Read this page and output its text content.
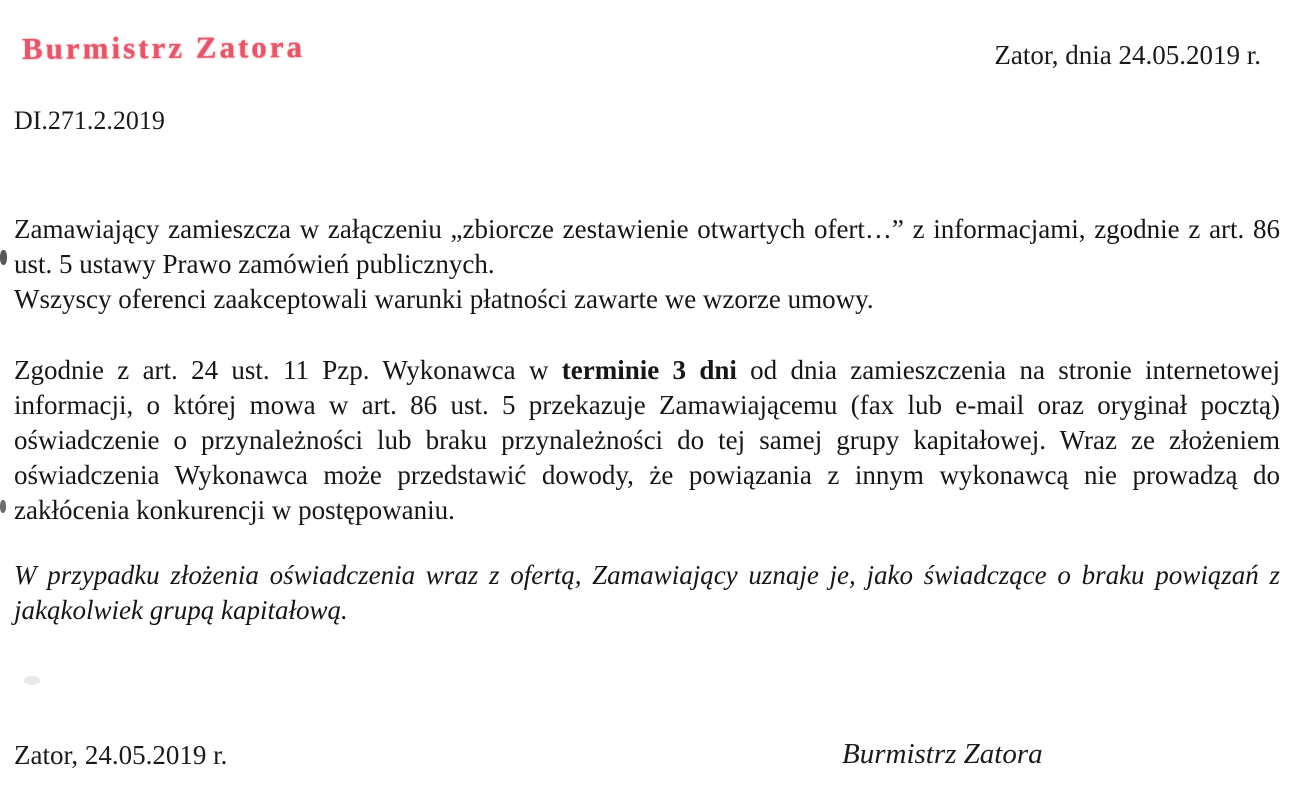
Burmistrz Zatora	Zator, dnia 24.05.2019 r.
DI.271.2.2019

Zamawiający zamieszcza w załączeniu „zbiorcze zestawienie otwartych ofert…” z informacjami, zgodnie z art. 86 ust. 5 ustawy Prawo zamówień publicznych.

Wszyscy oferenci zaakceptowali warunki płatności zawarte we wzorze umowy.

Zgodnie z art. 24 ust. 11 Pzp. Wykonawca w terminie 3 dni od dnia zamieszczenia na stronie internetowej informacji, o której mowa w art. 86 ust. 5 przekazuje Zamawiającemu (fax lub e-mail oraz oryginał pocztą) oświadczenie o przynależności lub braku przynależności do tej samej grupy kapitałowej. Wraz ze złożeniem oświadczenia Wykonawca może przedstawić dowody, że powiązania z innym wykonawcą nie prowadzą do zakłócenia konkurencji w postępowaniu.

W przypadku złożenia oświadczenia wraz z ofertą, Zamawiający uznaje je, jako świadczące o braku powiązań z jakąkolwiek grupą kapitałową.

Zator, 24.05.2019 r.	Burmistrz Zatora
